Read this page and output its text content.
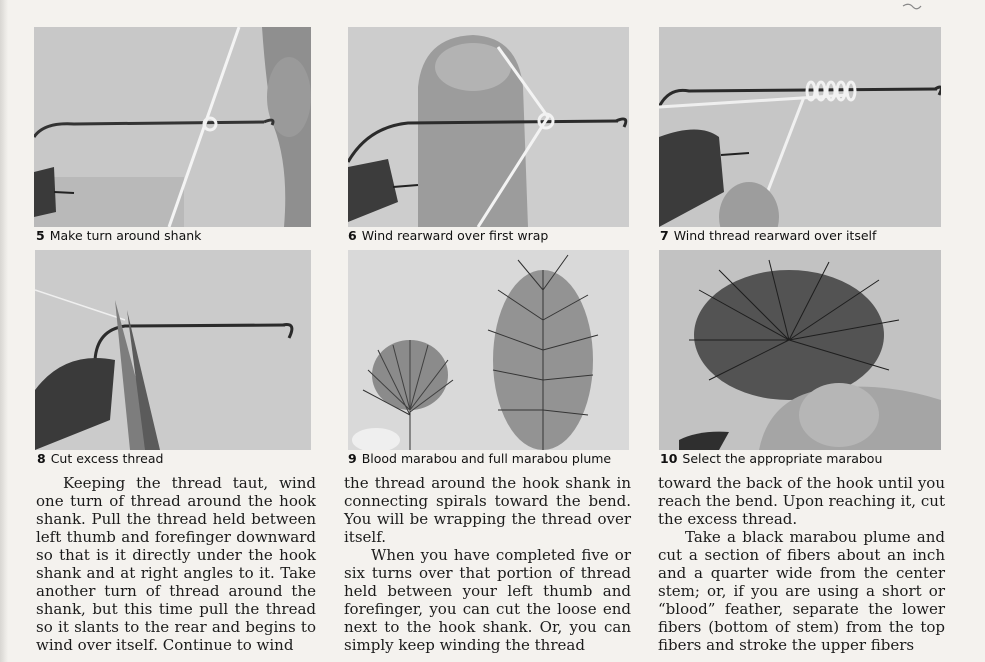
5 Make turn around shank	6 Wind rearward over first wrap	7 Wind thread rearward over itself
8 Cut excess thread	9 Blood marabou and full marabou plume	10 Select the appropriate marabou

Keeping the thread taut, wind one turn of thread around the hook shank. Pull the thread held between left thumb and forefinger downward so that is it directly under the hook shank and at right angles to it. Take another turn of thread around the shank, but this time pull the thread so it slants to the rear and begins to wind over itself. Continue to wind

the thread around the hook shank in connecting spirals toward the bend. You will be wrapping the thread over itself.

When you have completed five or six turns over that portion of thread held between your left thumb and forefinger, you can cut the loose end next to the hook shank. Or, you can simply keep winding the thread

toward the back of the hook until you reach the bend. Upon reaching it, cut the excess thread.

Take a black marabou plume and cut a section of fibers about an inch and a quarter wide from the center stem; or, if you are using a short or “blood” feather, separate the lower fibers (bottom of stem) from the top fibers and stroke the upper fibers
